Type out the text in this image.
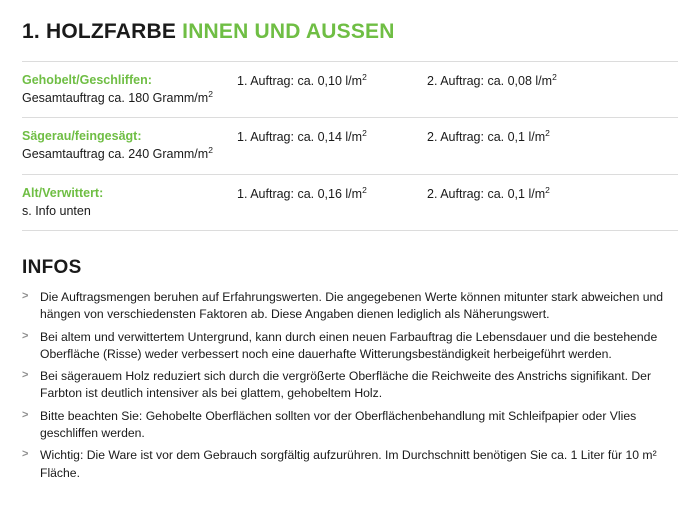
1. HOLZFARBE INNEN UND AUSSEN
Gehobelt/Geschliffen:
Gesamtauftrag ca. 180 Gramm/$m^2$	1. Auftrag: ca. 0,10 $l/m^2$	2. Auftrag: ca. 0,08 $l/m^2$

Sägerau/feingesägt:
Gesamtauftrag ca. 240 Gramm/$m^2$	1. Auftrag: ca. 0,14 $l/m^2$	2. Auftrag: ca. 0,1 $l/m^2$

Alt/Verwittert:
s. Info unten	1. Auftrag: ca. 0,16 $l/m^2$	2. Auftrag: ca. 0,1 $l/m^2$
INFOS
> Die Auftragsmengen beruhen auf Erfahrungswerten. Die angegebenen Werte können mitunter stark abweichen und hängen von verschiedensten Faktoren ab. Diese Angaben dienen lediglich als Näherungswert.
> Bei altem und verwittertem Untergrund, kann durch einen neuen Farbauftrag die Lebensdauer und die bestehende Oberfläche (Risse) weder verbessert noch eine dauerhafte Witterungsbeständigkeit herbeigeführt werden.
> Bei sägerauem Holz reduziert sich durch die vergrößerte Oberfläche die Reichweite des Anstrichs signifikant. Der Farbton ist deutlich intensiver als bei glattem, gehobeltem Holz.
> Bitte beachten Sie: Gehobelte Oberflächen sollten vor der Oberflächenbehandlung mit Schleifpapier oder Vlies geschliffen werden.
> Wichtig: Die Ware ist vor dem Gebrauch sorgfältig aufzurühren. Im Durchschnitt benötigen Sie ca. 1 Liter für 10 m² Fläche.
